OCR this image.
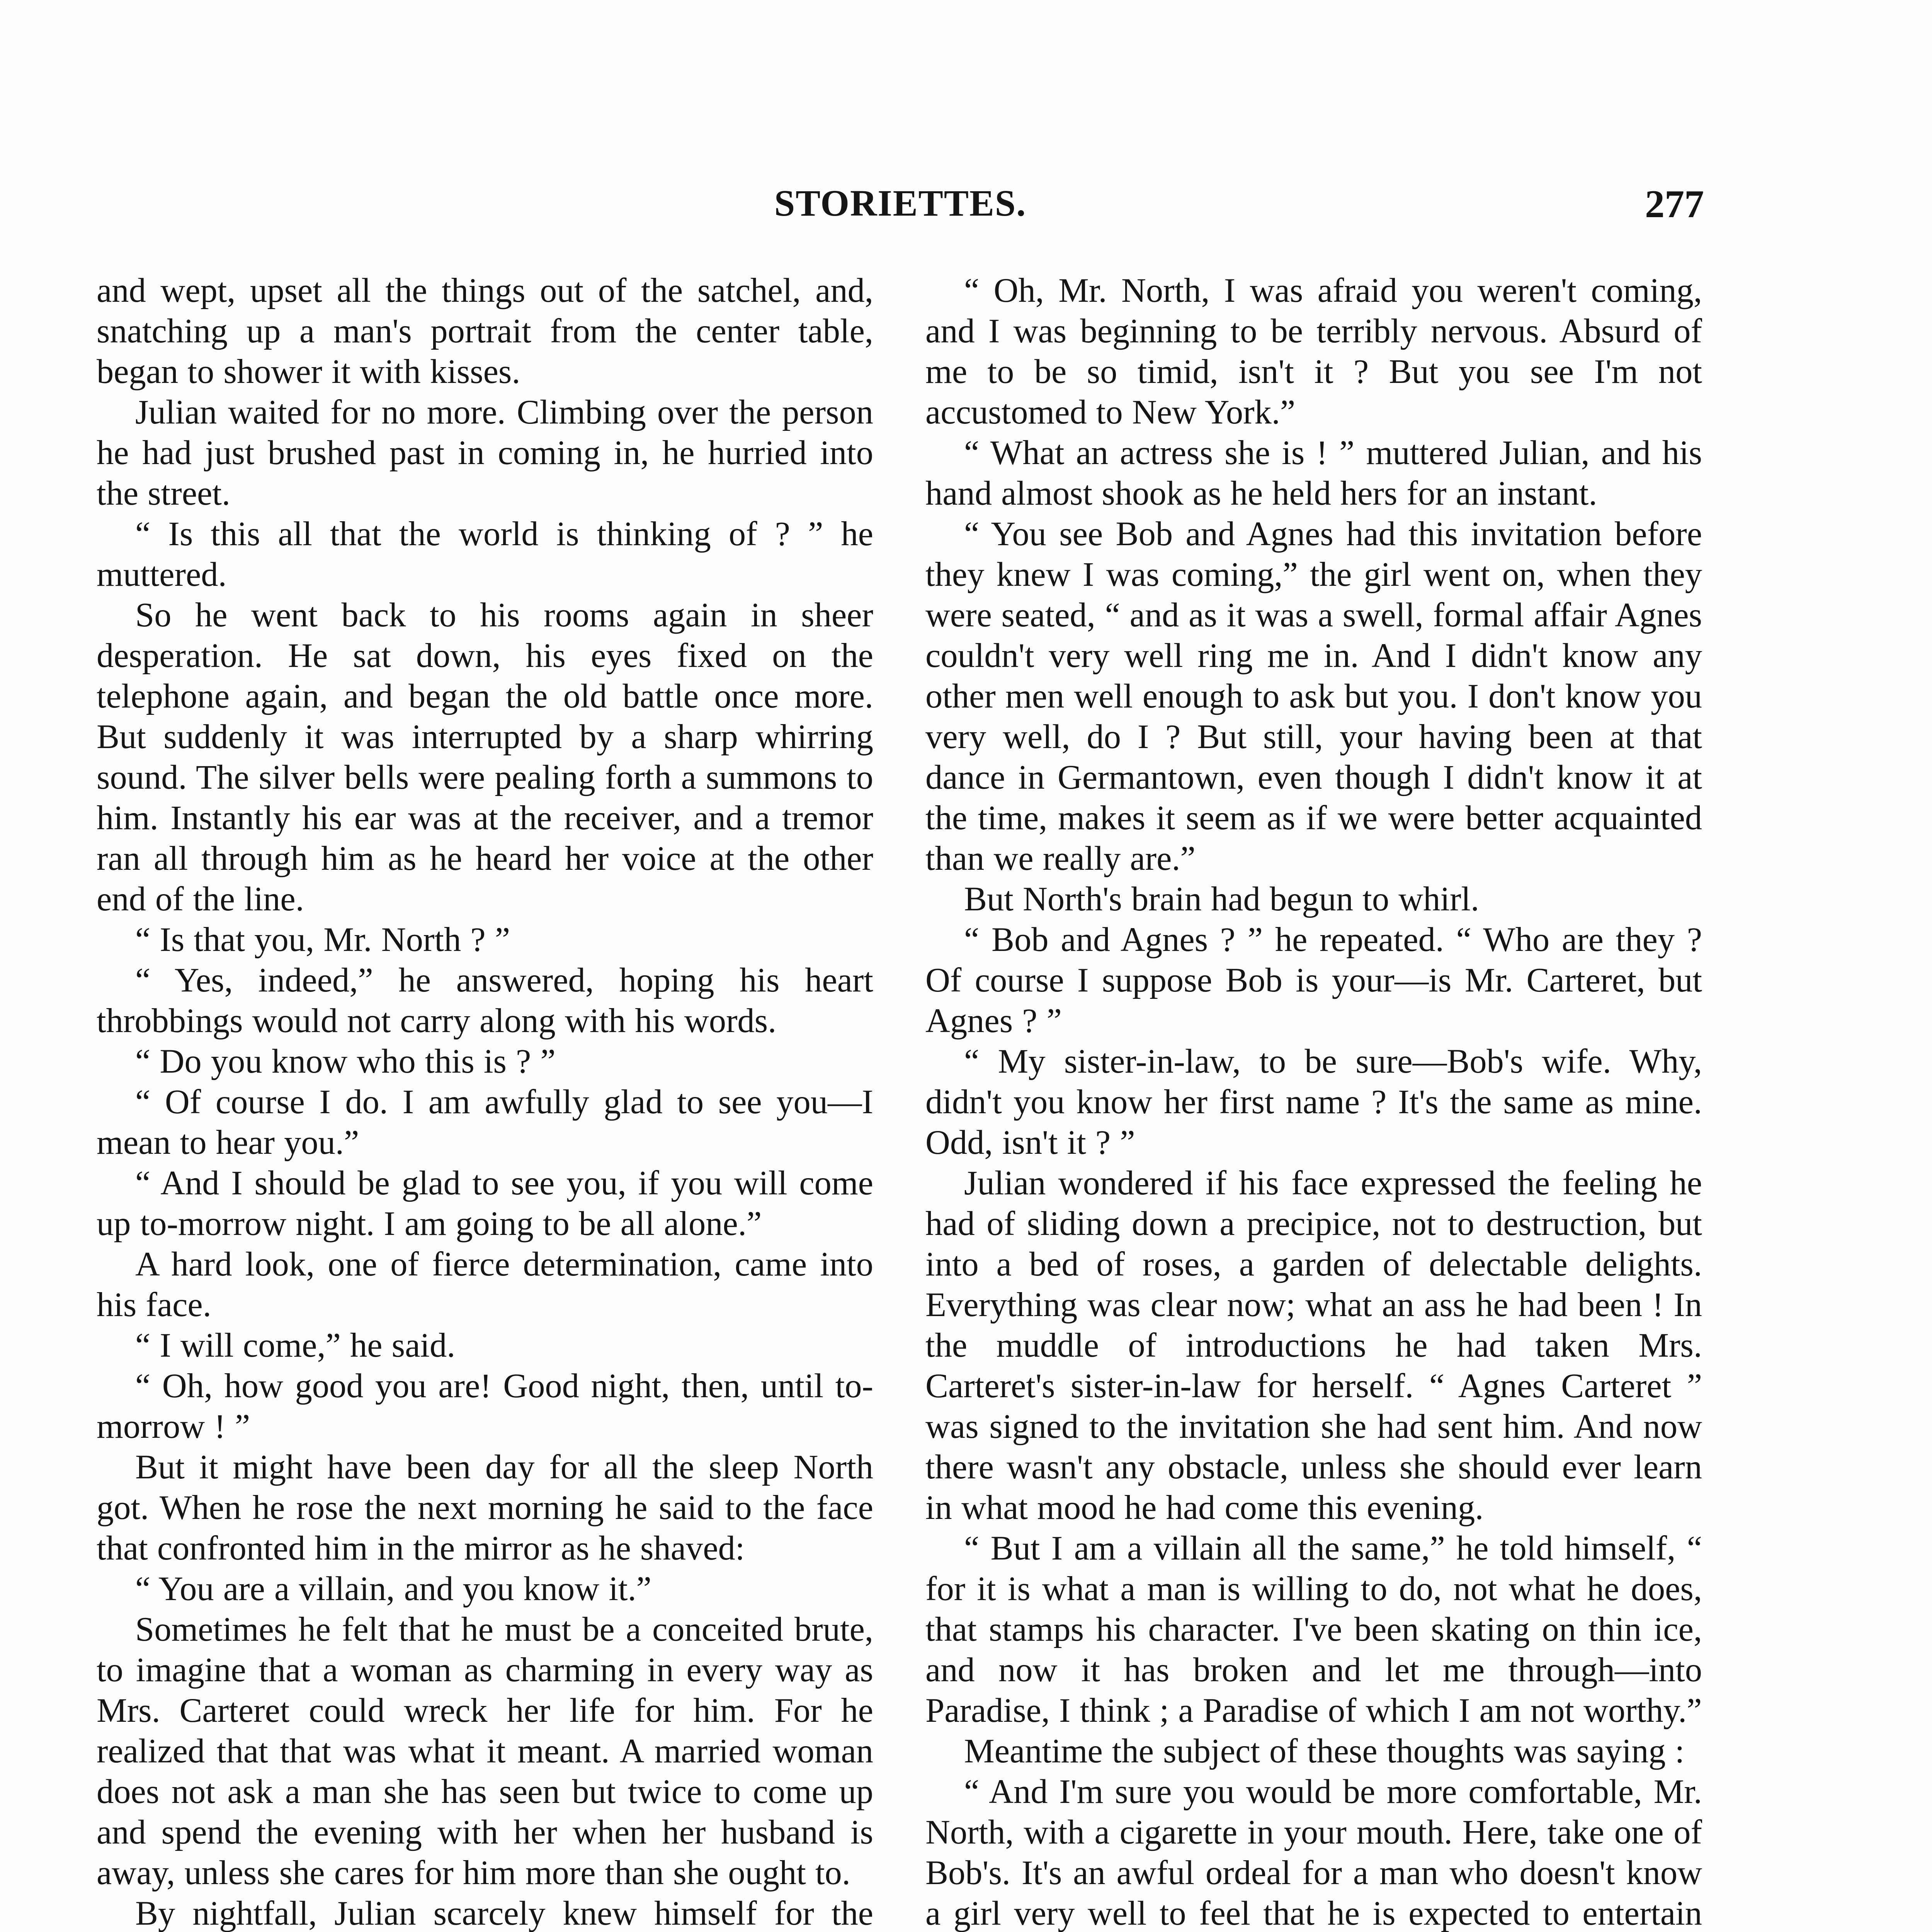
STORIETTES.	277

and wept, upset all the things out of the satchel, and, snatching up a man's portrait from the center table, began to shower it with kisses.

Julian waited for no more. Climbing over the person he had just brushed past in coming in, he hurried into the street.

“ Is this all that the world is thinking of ? ” he muttered.

So he went back to his rooms again in sheer desperation. He sat down, his eyes fixed on the telephone again, and began the old battle once more. But suddenly it was interrupted by a sharp whirring sound. The silver bells were pealing forth a summons to him. Instantly his ear was at the receiver, and a tremor ran all through him as he heard her voice at the other end of the line.

“ Is that you, Mr. North ? ”

“ Yes, indeed,” he answered, hoping his heart throbbings would not carry along with his words.

“ Do you know who this is ? ”

“ Of course I do. I am awfully glad to see you—I mean to hear you.”

“ And I should be glad to see you, if you will come up to-morrow night. I am going to be all alone.”

A hard look, one of fierce determination, came into his face.

“ I will come,” he said.

“ Oh, how good you are! Good night, then, until to-morrow ! ”

But it might have been day for all the sleep North got. When he rose the next morning he said to the face that confronted him in the mirror as he shaved:

“ You are a villain, and you know it.”

Sometimes he felt that he must be a conceited brute, to imagine that a woman as charming in every way as Mrs. Carteret could wreck her life for him. For he realized that that was what it meant. A married woman does not ask a man she has seen but twice to come up and spend the evening with her when her husband is away, unless she cares for him more than she ought to.

By nightfall, Julian scarcely knew himself for the

“ Oh, Mr. North, I was afraid you weren't coming, and I was beginning to be terribly nervous. Absurd of me to be so timid, isn't it ? But you see I'm not accustomed to New York.”

“ What an actress she is ! ” muttered Julian, and his hand almost shook as he held hers for an instant.

“ You see Bob and Agnes had this invitation before they knew I was coming,” the girl went on, when they were seated, “ and as it was a swell, formal affair Agnes couldn't very well ring me in. And I didn't know any other men well enough to ask but you. I don't know you very well, do I ? But still, your having been at that dance in Germantown, even though I didn't know it at the time, makes it seem as if we were better acquainted than we really are.”

But North's brain had begun to whirl.

“ Bob and Agnes ? ” he repeated. “ Who are they ? Of course I suppose Bob is your—is Mr. Carteret, but Agnes ? ”

“ My sister-in-law, to be sure—Bob's wife. Why, didn't you know her first name ? It's the same as mine. Odd, isn't it ? ”

Julian wondered if his face expressed the feeling he had of sliding down a precipice, not to destruction, but into a bed of roses, a garden of delectable delights. Everything was clear now; what an ass he had been ! In the muddle of introductions he had taken Mrs. Carteret's sister-in-law for herself. “ Agnes Carteret ” was signed to the invitation she had sent him. And now there wasn't any obstacle, unless she should ever learn in what mood he had come this evening.

“ But I am a villain all the same,” he told himself, “ for it is what a man is willing to do, not what he does, that stamps his character. I've been skating on thin ice, and now it has broken and let me through—into Paradise, I think ; a Paradise of which I am not worthy.”

Meantime the subject of these thoughts was saying :

“ And I'm sure you would be more comfortable, Mr. North, with a cigarette in your mouth. Here, take one of Bob's. It's an awful ordeal for a man who doesn't know a girl very well to feel that he is expected to entertain
